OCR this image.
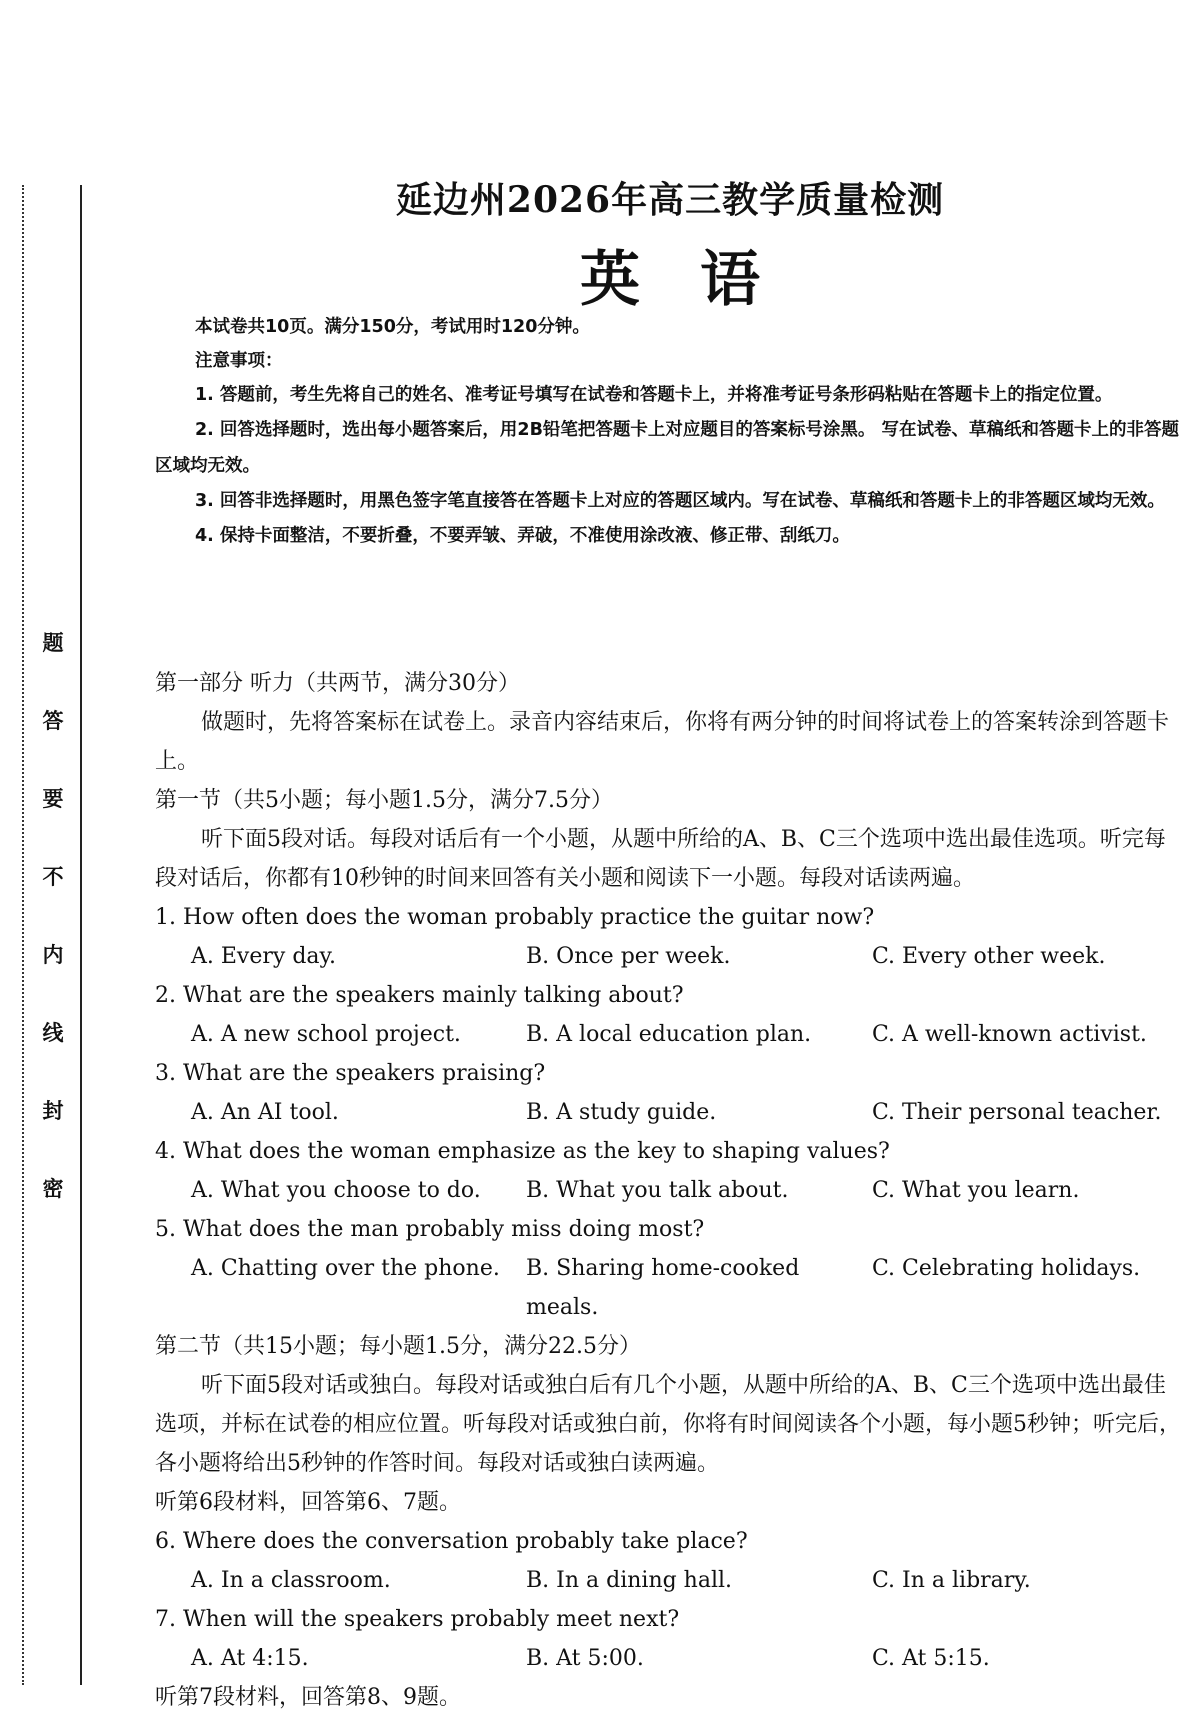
题
答
要
不
内
线
封
密
延边州2026年高三教学质量检测
英语
本试卷共10页。满分150分，考试用时120分钟。
注意事项：
1. 答题前，考生先将自己的姓名、准考证号填写在试卷和答题卡上，并将准考证号条形码粘贴在答题卡上的指定位置。
2. 回答选择题时，选出每小题答案后，用2B铅笔把答题卡上对应题目的答案标号涂黑。 写在试卷、草稿纸和答题卡上的非答题区域均无效。
3. 回答非选择题时，用黑色签字笔直接答在答题卡上对应的答题区域内。写在试卷、草稿纸和答题卡上的非答题区域均无效。
4. 保持卡面整洁，不要折叠，不要弄皱、弄破，不准使用涂改液、修正带、刮纸刀。
第一部分 听力（共两节，满分30分）
做题时，先将答案标在试卷上。录音内容结束后，你将有两分钟的时间将试卷上的答案转涂到答题卡上。
第一节（共5小题；每小题1.5分，满分7.5分）
听下面5段对话。每段对话后有一个小题，从题中所给的A、B、C三个选项中选出最佳选项。听完每段对话后，你都有10秒钟的时间来回答有关小题和阅读下一小题。每段对话读两遍。
1. How often does the woman probably practice the guitar now?
A. Every day.	B. Once per week.	C. Every other week.
2. What are the speakers mainly talking about?
A. A new school project.	B. A local education plan.	C. A well-known activist.
3. What are the speakers praising?
A. An AI tool.	B. A study guide.	C. Their personal teacher.
4. What does the woman emphasize as the key to shaping values?
A. What you choose to do.	B. What you talk about.	C. What you learn.
5. What does the man probably miss doing most?
A. Chatting over the phone.	B. Sharing home-cooked meals.
C. Celebrating holidays.
第二节（共15小题；每小题1.5分，满分22.5分）
听下面5段对话或独白。每段对话或独白后有几个小题，从题中所给的A、B、C三个选项中选出最佳选项，并标在试卷的相应位置。听每段对话或独白前，你将有时间阅读各个小题，每小题5秒钟；听完后，各小题将给出5秒钟的作答时间。每段对话或独白读两遍。
听第6段材料，回答第6、7题。
6. Where does the conversation probably take place?
A. In a classroom.	B. In a dining hall.	C. In a library.
7. When will the speakers probably meet next?
A. At 4:15.	B. At 5:00.	C. At 5:15.
听第7段材料，回答第8、9题。
